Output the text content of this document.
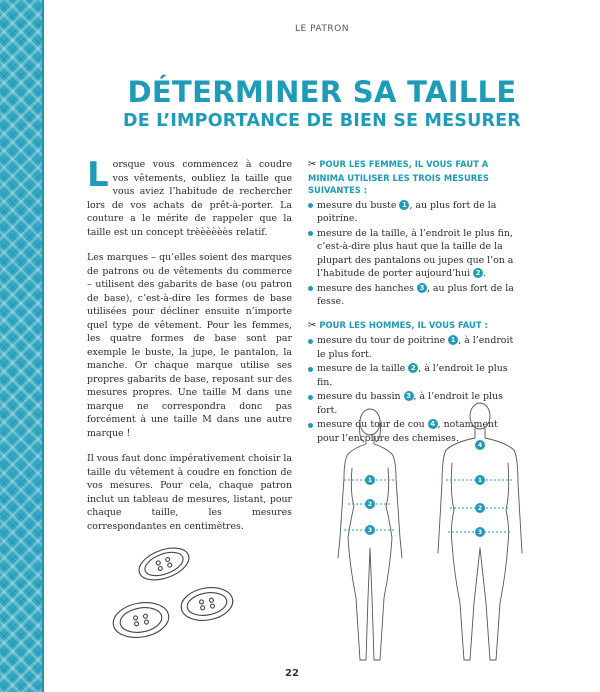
LE PATRON
DÉTERMINER SA TAILLE
DE L’IMPORTANCE DE BIEN SE MESURER

Lorsque vous commencez à coudre vos vêtements, oubliez la taille que vous aviez l’habitude de rechercher lors de vos achats de prêt-à-porter. La couture a le mérite de rappeler que la taille est un concept trèèèèèès relatif.

Les marques – qu’elles soient des marques de patrons ou de vêtements du commerce – utilisent des gabarits de base (ou patron de base), c’est-à-dire les formes de base utilisées pour décliner ensuite n’importe quel type de vêtement. Pour les femmes, les quatre formes de base sont par exemple le buste, la jupe, le pantalon, la manche. Or chaque marque utilise ses propres gabarits de base, reposant sur des mesures propres. Une taille M dans une marque ne correspondra donc pas forcément à une taille M dans une autre marque !

Il vous faut donc impérativement choisir la taille du vêtement à coudre en fonction de vos mesures. Pour cela, chaque patron inclut un tableau de mesures, listant, pour chaque taille, les mesures correspondantes en centimètres.

✂ POUR LES FEMMES, IL VOUS FAUT A MINIMA UTILISER LES TROIS MESURES SUIVANTES :
mesure du buste 1 , au plus fort de la poitrine.
mesure de la taille, à l’endroit le plus fin, c’est-à-dire plus haut que la taille de la plupart des pantalons ou jupes que l’on a l’habitude de porter aujourd’hui 2 .
mesure des hanches 3 , au plus fort de la fesse.
✂ POUR LES HOMMES, IL VOUS FAUT :
mesure du tour de poitrine 1 , à l’endroit le plus fort.
mesure de la taille 2 , à l’endroit le plus fin.
mesure du bassin 3 , à l’endroit le plus fort.
mesure du tour de cou 4 , notamment pour l’encolure des chemises.
1
2
3
4
1
2
3
22
